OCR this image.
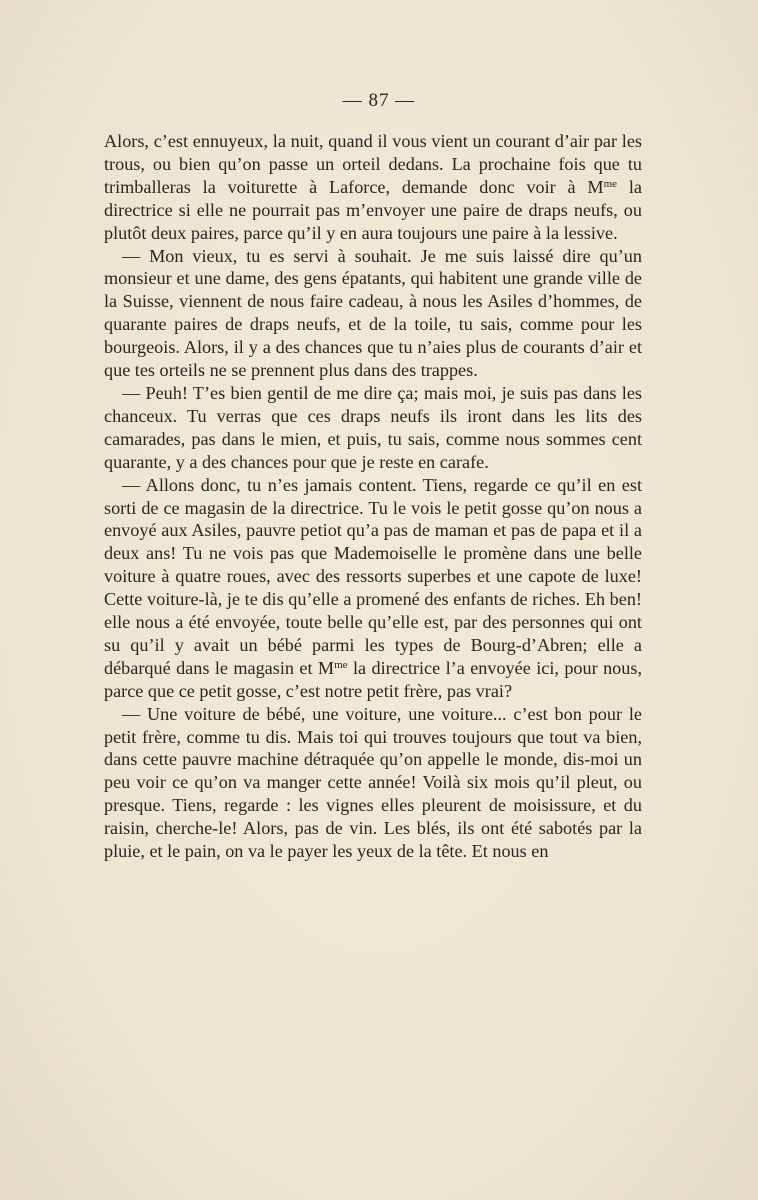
— 87 —

Alors, c’est ennuyeux, la nuit, quand il vous vient un courant d’air par les trous, ou bien qu’on passe un orteil dedans. La prochaine fois que tu trimballeras la voiturette à Laforce, demande donc voir à $M^{me}$ la directrice si elle ne pourrait pas m’envoyer une paire de draps neufs, ou plutôt deux paires, parce qu’il y en aura toujours une paire à la lessive.

— Mon vieux, tu es servi à souhait. Je me suis laissé dire qu’un monsieur et une dame, des gens épatants, qui habitent une grande ville de la Suisse, viennent de nous faire cadeau, à nous les Asiles d’hommes, de quarante paires de draps neufs, et de la toile, tu sais, comme pour les bourgeois. Alors, il y a des chances que tu n’aies plus de courants d’air et que tes orteils ne se prennent plus dans des trappes.

— Peuh! T’es bien gentil de me dire ça; mais moi, je suis pas dans les chanceux. Tu verras que ces draps neufs ils iront dans les lits des camarades, pas dans le mien, et puis, tu sais, comme nous sommes cent quarante, y a des chances pour que je reste en carafe.

— Allons donc, tu n’es jamais content. Tiens, regarde ce qu’il en est sorti de ce magasin de la directrice. Tu le vois le petit gosse qu’on nous a envoyé aux Asiles, pauvre petiot qu’a pas de maman et pas de papa et il a deux ans! Tu ne vois pas que Mademoiselle le promène dans une belle voiture à quatre roues, avec des ressorts superbes et une capote de luxe! Cette voiture-là, je te dis qu’elle a promené des enfants de riches. Eh ben! elle nous a été envoyée, toute belle qu’elle est, par des personnes qui ont su qu’il y avait un bébé parmi les types de Bourg-d’Abren; elle a débarqué dans le magasin et $M^{me}$ la directrice l’a envoyée ici, pour nous, parce que ce petit gosse, c’est notre petit frère, pas vrai?

— Une voiture de bébé, une voiture, une voiture... c’est bon pour le petit frère, comme tu dis. Mais toi qui trouves toujours que tout va bien, dans cette pauvre machine détraquée qu’on appelle le monde, dis-moi un peu voir ce qu’on va manger cette année! Voilà six mois qu’il pleut, ou presque. Tiens, regarde : les vignes elles pleurent de moisissure, et du raisin, cherche-le! Alors, pas de vin. Les blés, ils ont été sabotés par la pluie, et le pain, on va le payer les yeux de la tête. Et nous en
